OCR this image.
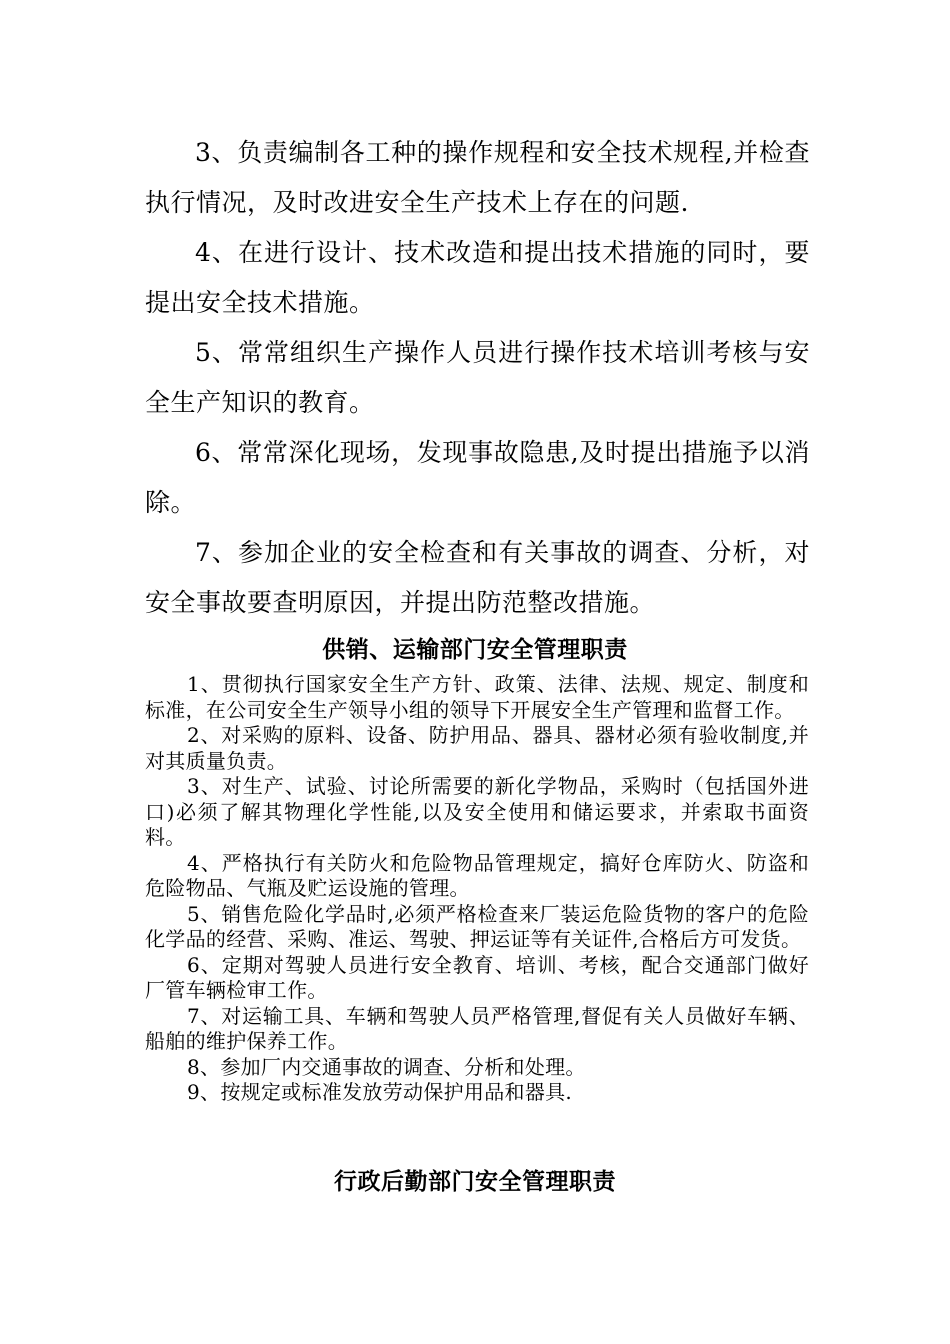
3、负责编制各工种的操作规程和安全技术规程,并检查执行情况，及时改进安全生产技术上存在的问题.

4、在进行设计、技术改造和提出技术措施的同时，要提出安全技术措施。

5、常常组织生产操作人员进行操作技术培训考核与安全生产知识的教育。

6、常常深化现场，发现事故隐患,及时提出措施予以消除。

7、参加企业的安全检查和有关事故的调查、分析，对安全事故要查明原因，并提出防范整改措施。

供销、运输部门安全管理职责

1、贯彻执行国家安全生产方针、政策、法律、法规、规定、制度和标准，在公司安全生产领导小组的领导下开展安全生产管理和监督工作。

2、对采购的原料、设备、防护用品、器具、器材必须有验收制度,并对其质量负责。

3、对生产、试验、讨论所需要的新化学物品，采购时（包括国外进口)必须了解其物理化学性能,以及安全使用和储运要求，并索取书面资料。

4、严格执行有关防火和危险物品管理规定，搞好仓库防火、防盗和危险物品、气瓶及贮运设施的管理。

5、销售危险化学品时,必须严格检查来厂装运危险货物的客户的危险化学品的经营、采购、准运、驾驶、押运证等有关证件,合格后方可发货。

6、定期对驾驶人员进行安全教育、培训、考核，配合交通部门做好厂管车辆检审工作。

7、对运输工具、车辆和驾驶人员严格管理,督促有关人员做好车辆、船舶的维护保养工作。

8、参加厂内交通事故的调查、分析和处理。

9、按规定或标准发放劳动保护用品和器具.

行政后勤部门安全管理职责
